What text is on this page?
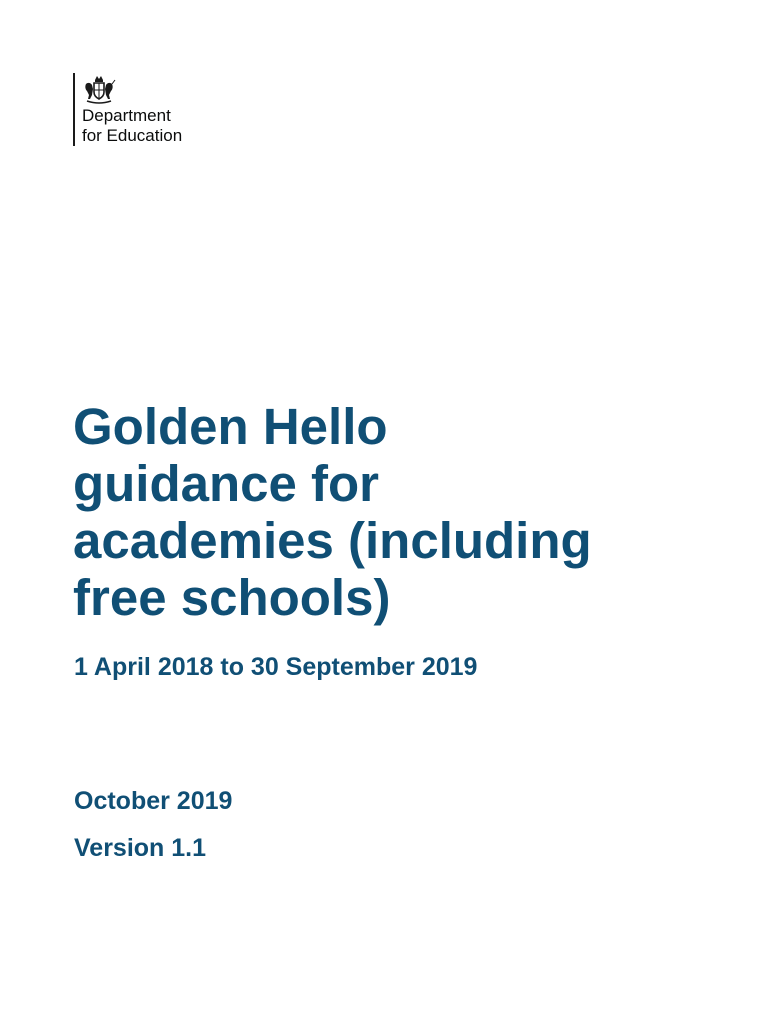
Department
for Education
Golden Hello
guidance for
academies (including
free schools)

1 April 2018 to 30 September 2019

October 2019

Version 1.1
